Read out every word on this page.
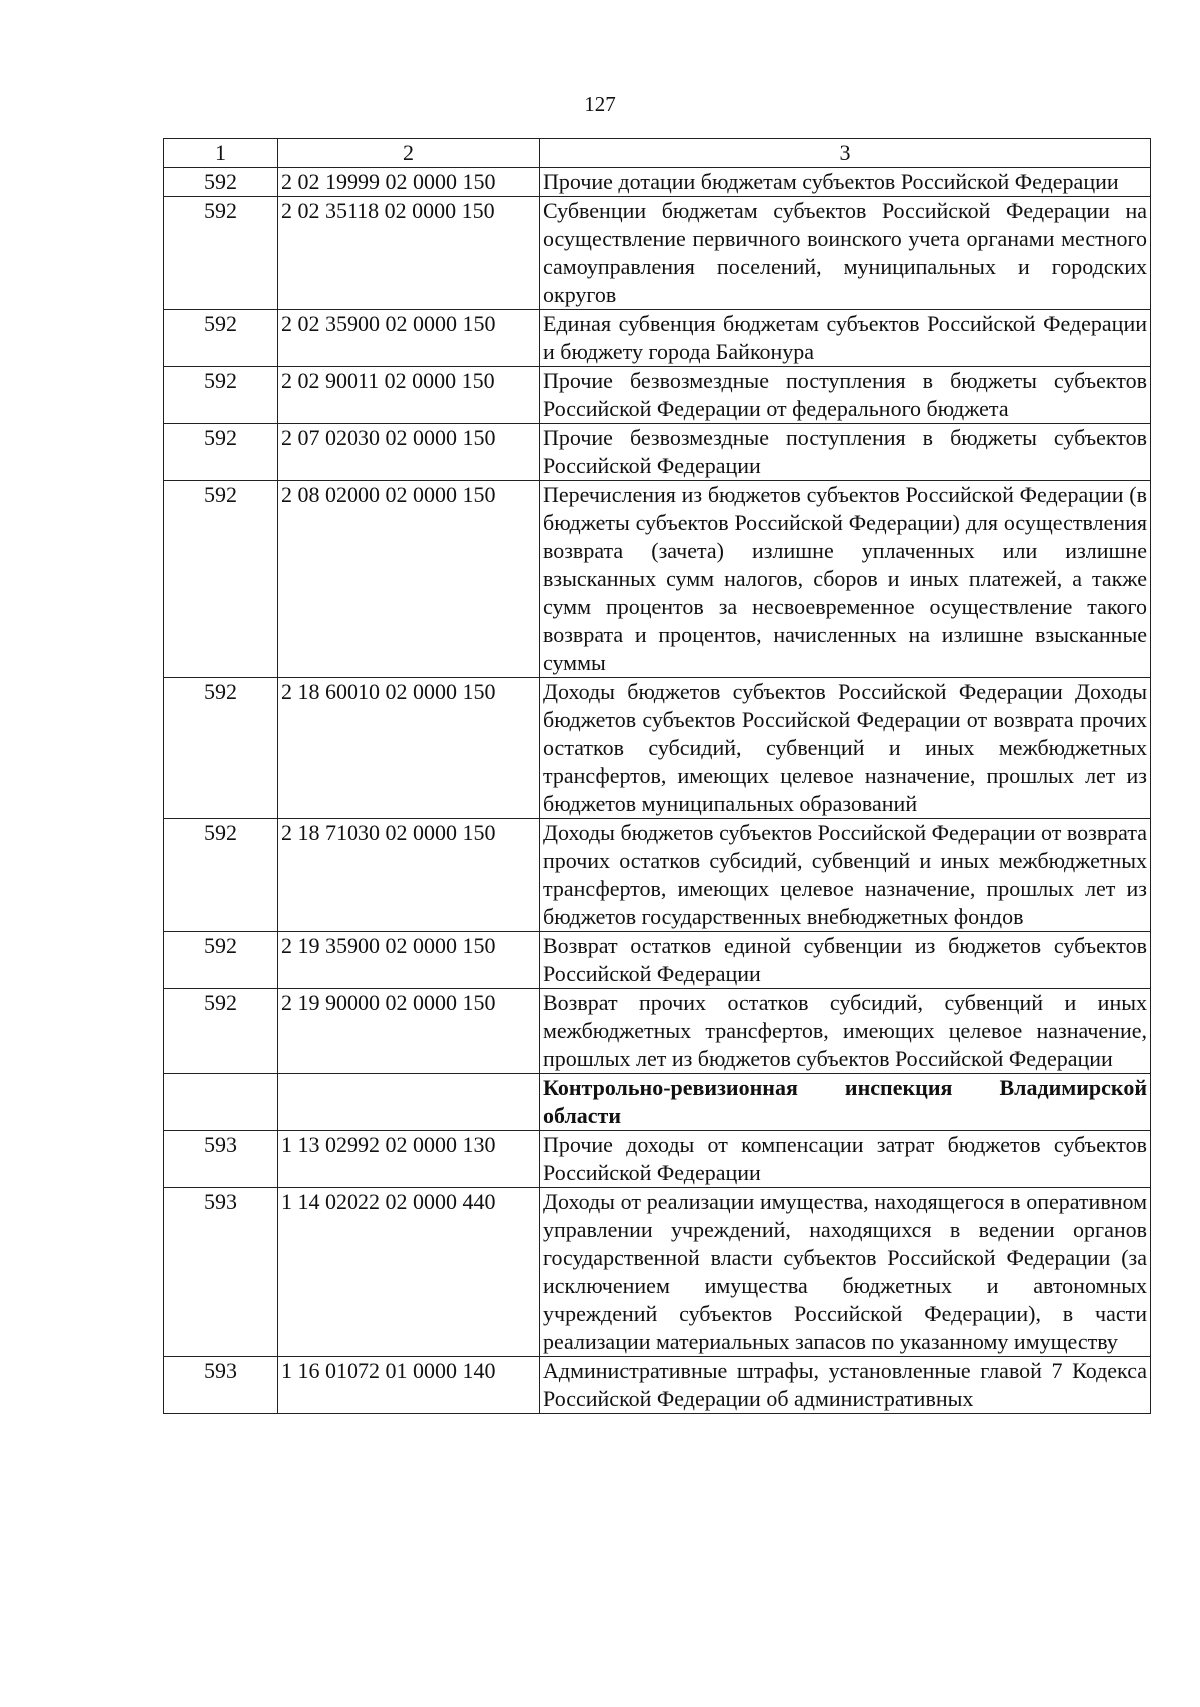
127
1	2	3
592	2 02 19999 02 0000 150	Прочие дотации бюджетам субъектов Российской Федерации
592	2 02 35118 02 0000 150	Субвенции бюджетам субъектов Российской Федерации на осуществление первичного воинского учета органами местного самоуправления поселений, муниципальных и городских округов
592	2 02 35900 02 0000 150	Единая субвенция бюджетам субъектов Российской Федерации и бюджету города Байконура
592	2 02 90011 02 0000 150	Прочие безвозмездные поступления в бюджеты субъектов Российской Федерации от федерального бюджета
592	2 07 02030 02 0000 150	Прочие безвозмездные поступления в бюджеты субъектов Российской Федерации
592	2 08 02000 02 0000 150	Перечисления из бюджетов субъектов Российской Федерации (в бюджеты субъектов Российской Федерации) для осуществления возврата (зачета) излишне уплаченных или излишне взысканных сумм налогов, сборов и иных платежей, а также сумм процентов за несвоевременное осуществление такого возврата и процентов, начисленных на излишне взысканные суммы
592	2 18 60010 02 0000 150	Доходы бюджетов субъектов Российской Федерации Доходы бюджетов субъектов Российской Федерации от возврата прочих остатков субсидий, субвенций и иных межбюджетных трансфертов, имеющих целевое назначение, прошлых лет из бюджетов муниципальных образований
592	2 18 71030 02 0000 150	Доходы бюджетов субъектов Российской Федерации от возврата прочих остатков субсидий, субвенций и иных межбюджетных трансфертов, имеющих целевое назначение, прошлых лет из бюджетов государственных внебюджетных фондов
592	2 19 35900 02 0000 150	Возврат остатков единой субвенции из бюджетов субъектов Российской Федерации
592	2 19 90000 02 0000 150	Возврат прочих остатков субсидий, субвенций и иных межбюджетных трансфертов, имеющих целевое назначение, прошлых лет из бюджетов субъектов Российской Федерации
		Контрольно-ревизионная инспекция Владимирской области
593	1 13 02992 02 0000 130	Прочие доходы от компенсации затрат бюджетов субъектов Российской Федерации
593	1 14 02022 02 0000 440	Доходы от реализации имущества, находящегося в оперативном управлении учреждений, находящихся в ведении органов государственной власти субъектов Российской Федерации (за исключением имущества бюджетных и автономных учреждений субъектов Российской Федерации), в части реализации материальных запасов по указанному имуществу
593	1 16 01072 01 0000 140	Административные штрафы, установленные главой 7 Кодекса Российской Федерации об административных
